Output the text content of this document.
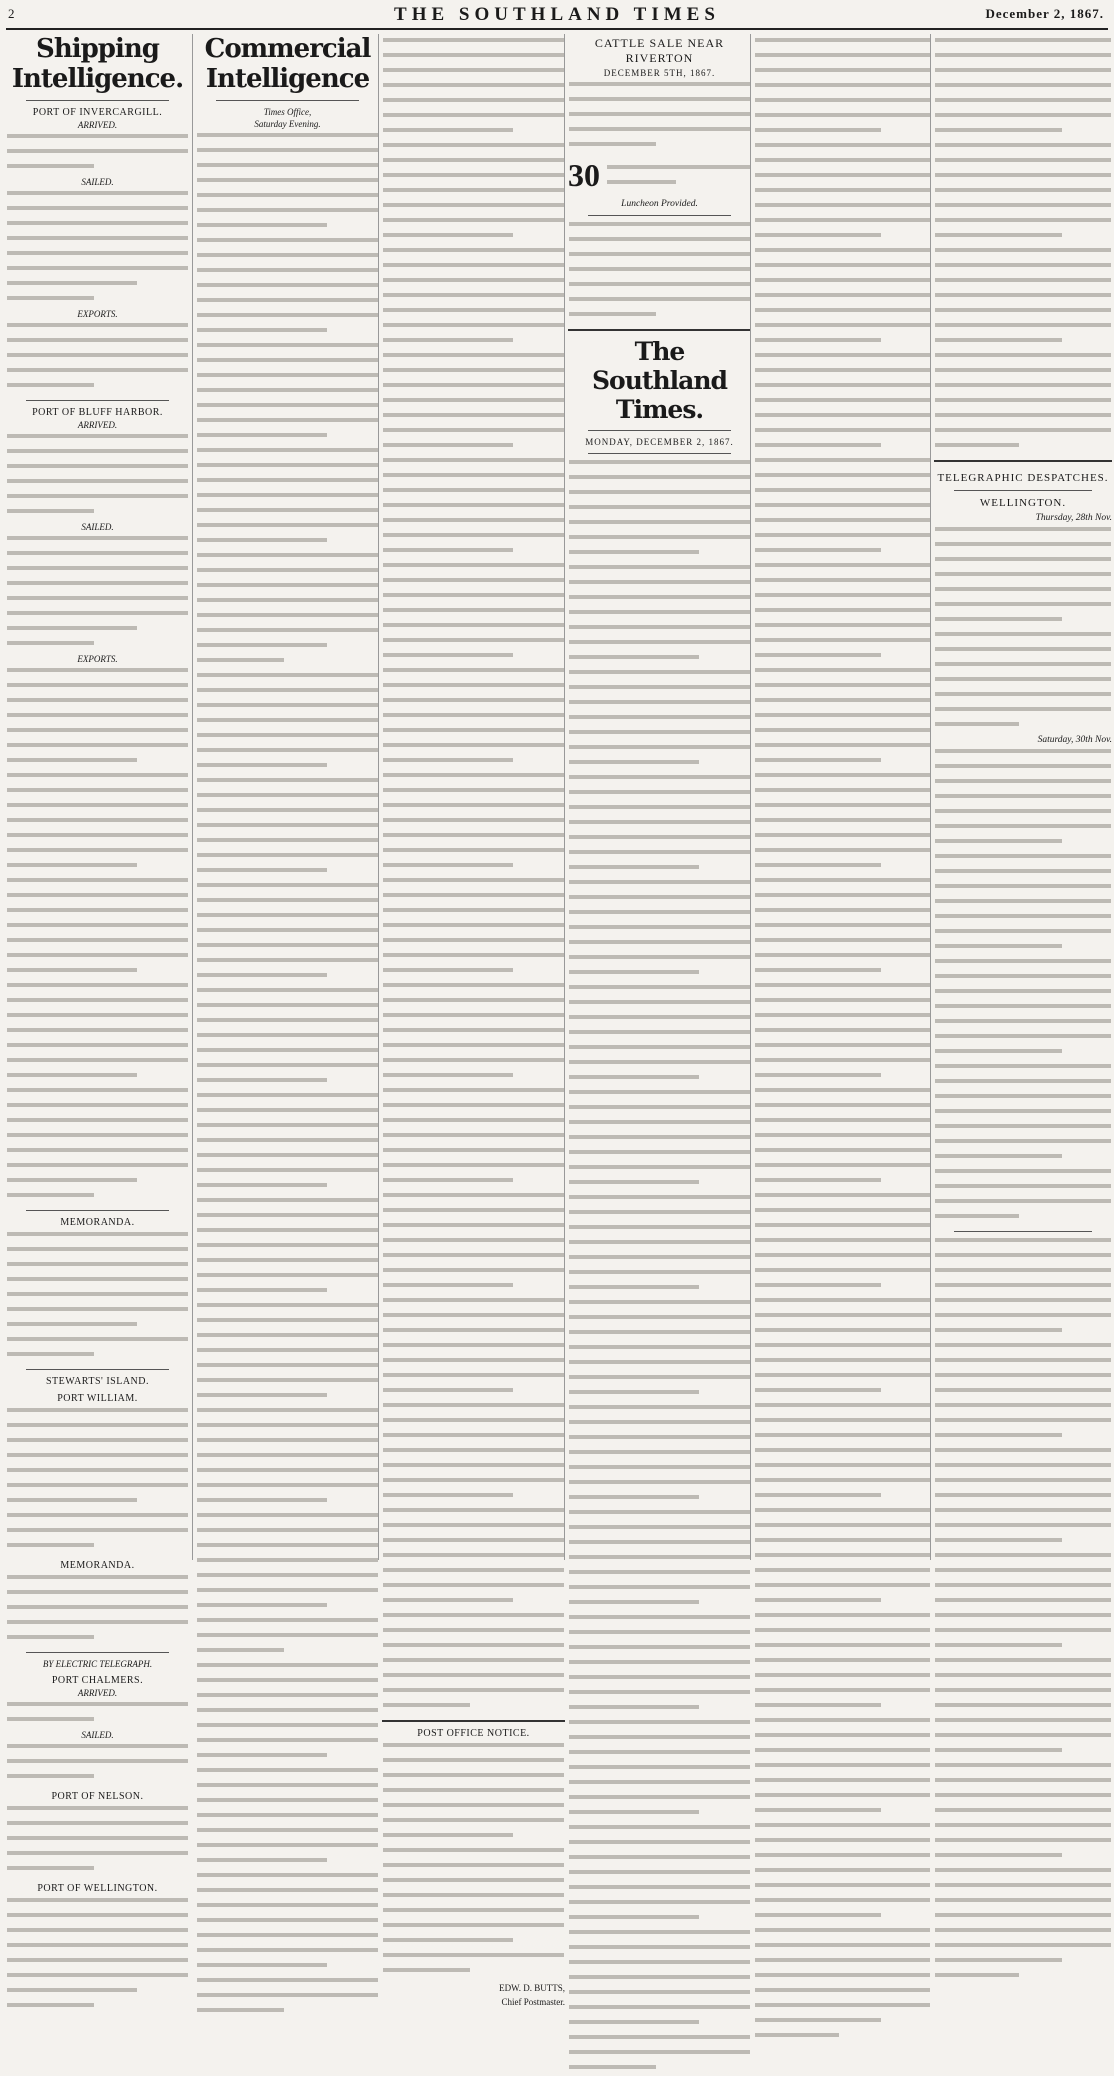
2	THE SOUTHLAND TIMES	December 2, 1867.
Shipping Intelligence.
PORT OF INVERCARGILL.
ARRIVED.
SAILED.
EXPORTS.
PORT OF BLUFF HARBOR.
ARRIVED.
SAILED.
EXPORTS.
MEMORANDA.
STEWARTS' ISLAND.
PORT WILLIAM.
MEMORANDA.
BY ELECTRIC TELEGRAPH.
PORT CHALMERS.
ARRIVED.
SAILED.
PORT OF NELSON.
PORT OF WELLINGTON.
Commercial Intelligence
Times Office,
Saturday Evening.
POST OFFICE NOTICE.
EDW. D. BUTTS,
Chief Postmaster.
CATTLE SALE NEAR RIVERTON
DECEMBER 5TH, 1867.
30
Luncheon Provided.
The Southland Times.
MONDAY, DECEMBER 2, 1867.
TELEGRAPHIC DESPATCHES.
WELLINGTON.
Thursday, 28th Nov.
Saturday, 30th Nov.
